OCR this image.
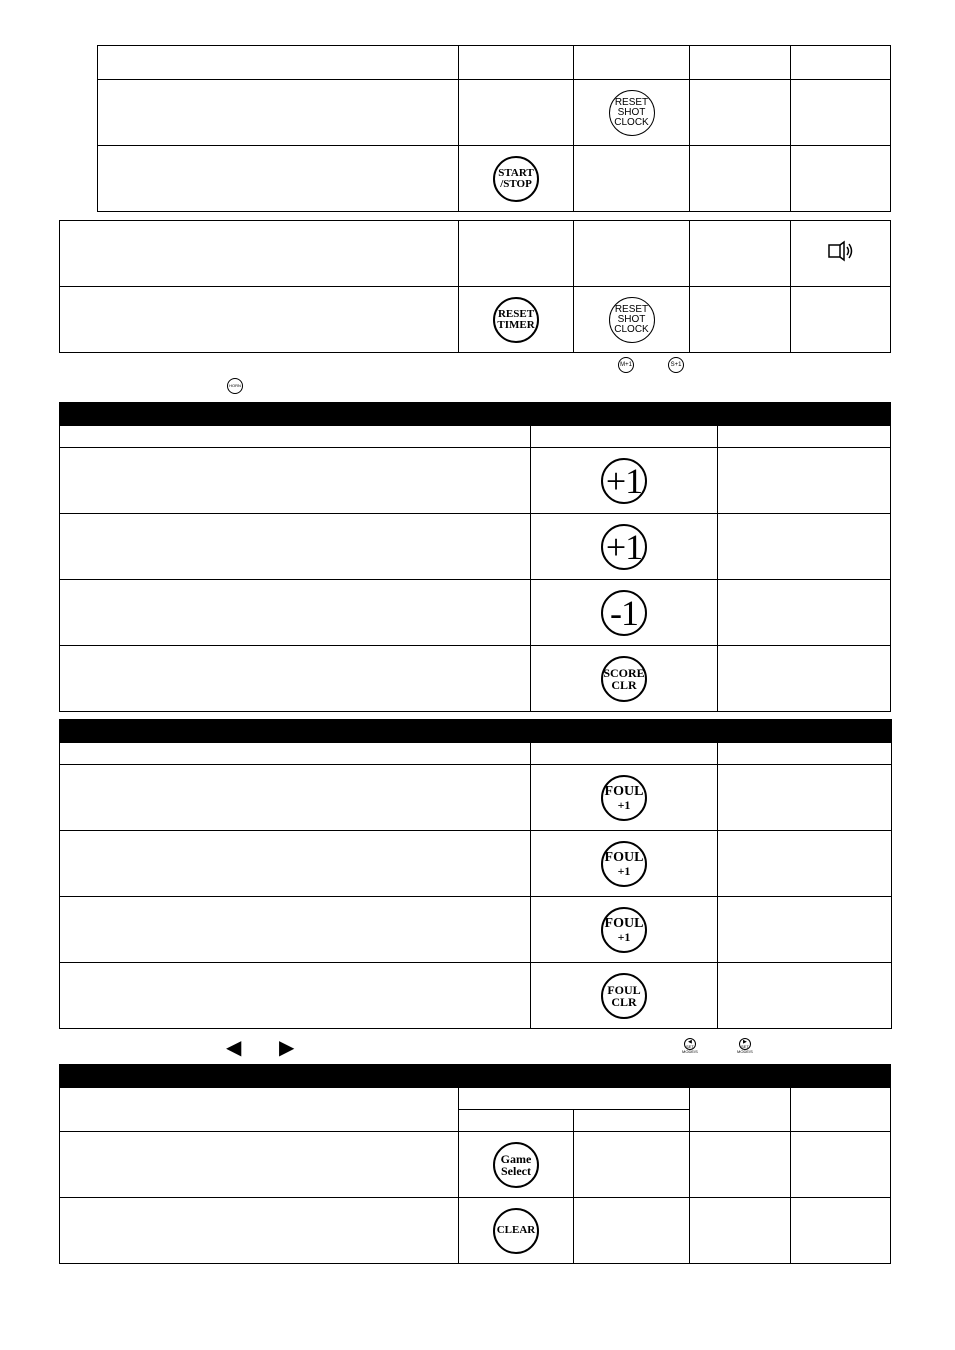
		RESET
SHOT
CLOCK		

	START
/STOP			

	RESET
TIMER	RESET
SHOT
CLOCK		

M+1	S+1
HORN

	+1	
	+1	
	-1	

	SCORE
CLR	

	FOUL
+1	

	FOUL
+1	

	FOUL
+1	

	FOUL
CLR	

◀ ▶	◀
SET
MODE/S
▶
SET
MODE/S

	Game
Select			

	CLEAR			
